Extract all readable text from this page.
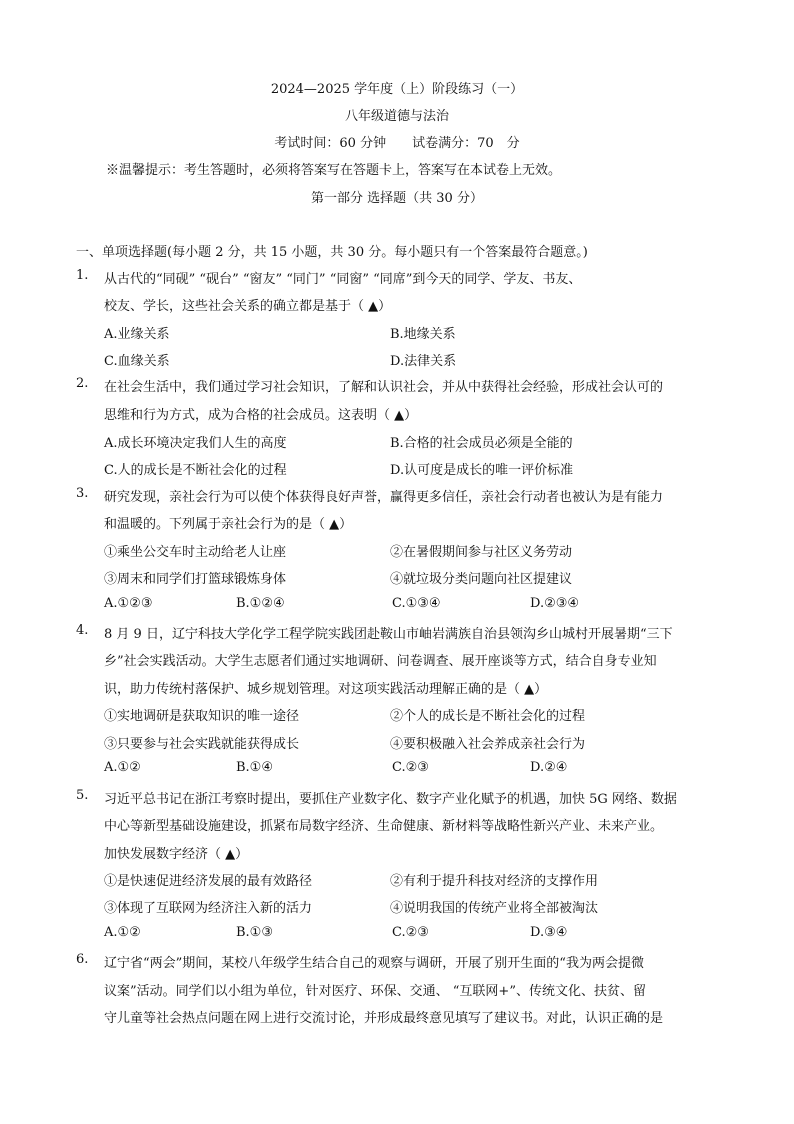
2024—2025 学年度（上）阶段练习（一）
八年级道德与法治
考试时间：60 分钟　　试卷满分：70　分
※温馨提示：考生答题时，必须将答案写在答题卡上，答案写在本试卷上无效。
第一部分 选择题（共 30 分）
一、单项选择题(每小题 2 分，共 15 小题，共 30 分。每小题只有一个答案最符合题意。)
1. 从古代的“同砚” “砚台” “窗友” “同门” “同窗” “同席”到今天的同学、学友、书友、
校友、学长，这些社会关系的确立都是基于（ ▲）
A.业缘关系	B.地缘关系
C.血缘关系	D.法律关系
2. 在社会生活中，我们通过学习社会知识，了解和认识社会，并从中获得社会经验，形成社会认可的
思维和行为方式，成为合格的社会成员。这表明（ ▲）
A.成长环境决定我们人生的高度	B.合格的社会成员必须是全能的
C.人的成长是不断社会化的过程	D.认可度是成长的唯一评价标准
3. 研究发现，亲社会行为可以使个体获得良好声誉，赢得更多信任，亲社会行动者也被认为是有能力
和温暖的。下列属于亲社会行为的是（ ▲）
①乘坐公交车时主动给老人让座	②在暑假期间参与社区义务劳动
③周末和同学们打篮球锻炼身体	④就垃圾分类问题向社区提建议
A.①②③	B.①②④	C.①③④	D.②③④
4. 8 月 9 日，辽宁科技大学化学工程学院实践团赴鞍山市岫岩满族自治县领沟乡山城村开展暑期“三下
乡”社会实践活动。大学生志愿者们通过实地调研、问卷调查、展开座谈等方式，结合自身专业知
识，助力传统村落保护、城乡规划管理。对这项实践活动理解正确的是（ ▲）
①实地调研是获取知识的唯一途径	②个人的成长是不断社会化的过程
③只要参与社会实践就能获得成长	④要积极融入社会养成亲社会行为
A.①②	B.①④	C.②③	D.②④
5. 习近平总书记在浙江考察时提出，要抓住产业数字化、数字产业化赋予的机遇，加快 5G 网络、数据
中心等新型基础设施建设，抓紧布局数字经济、生命健康、新材料等战略性新兴产业、未来产业。
加快发展数字经济（ ▲）
①是快速促进经济发展的最有效路径	②有利于提升科技对经济的支撑作用
③体现了互联网为经济注入新的活力	④说明我国的传统产业将全部被淘汰
A.①②	B.①③	C.②③	D.③④
6. 辽宁省“两会”期间，某校八年级学生结合自己的观察与调研，开展了别开生面的“我为两会提微
议案”活动。同学们以小组为单位，针对医疗、环保、交通、 “互联网+”、传统文化、扶贫、留
守儿童等社会热点问题在网上进行交流讨论，并形成最终意见填写了建议书。对此，认识正确的是
